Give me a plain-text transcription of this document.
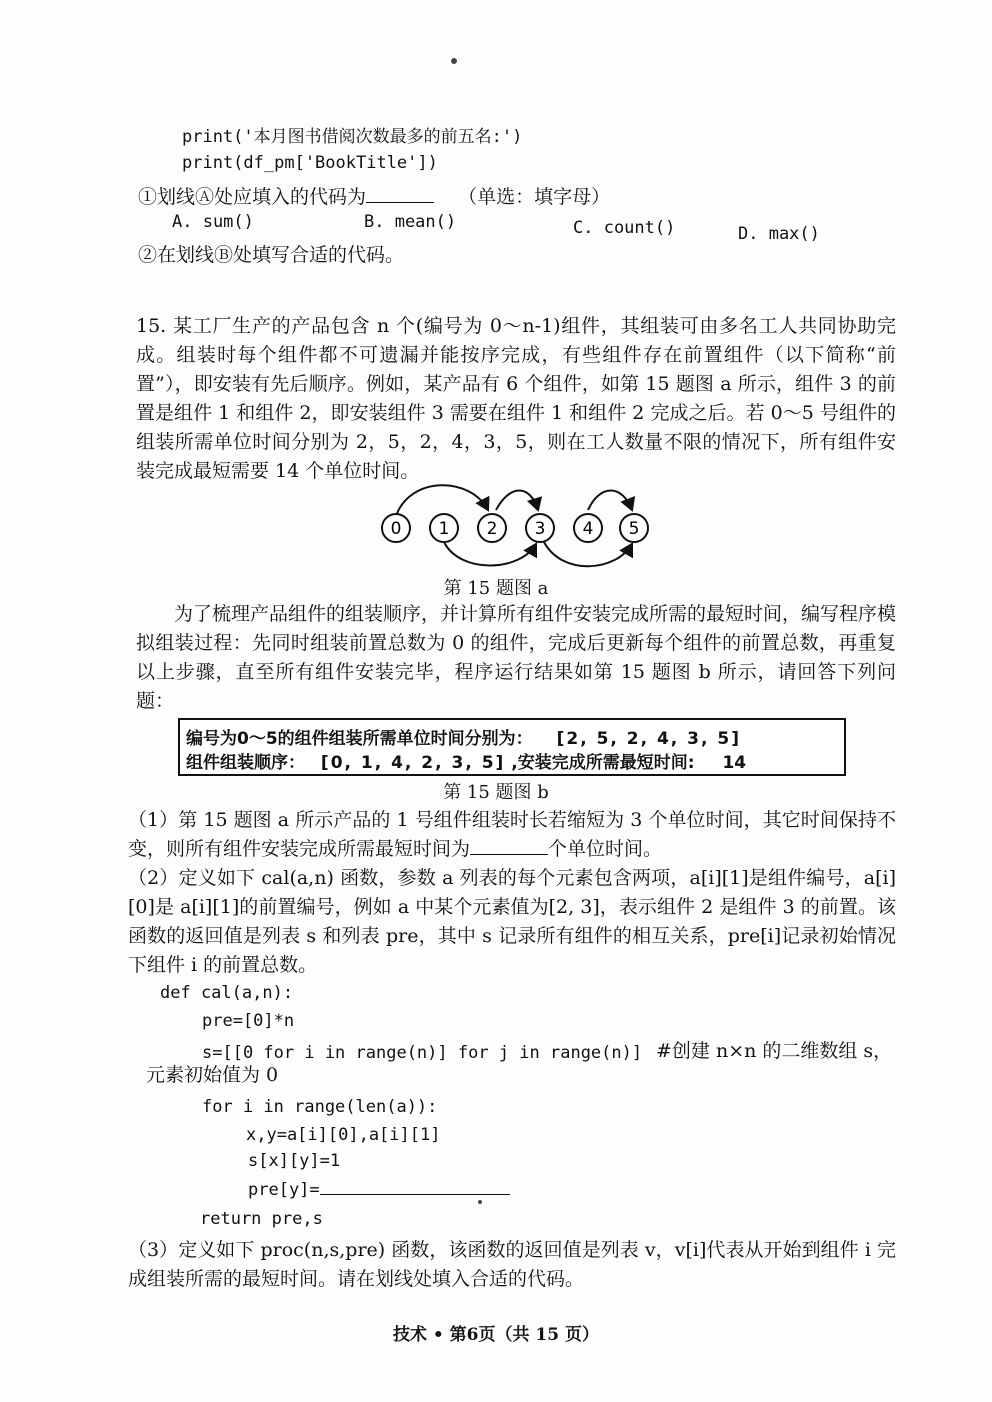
print('本月图书借阅次数最多的前五名:')
print(df_pm['BookTitle'])
①划线Ⓐ处应填入的代码为	（单选：填字母）
A. sum()	B. mean()	C. count()	D. max()
②在划线Ⓑ处填写合适的代码。
15. 某工厂生产的产品包含 n 个(编号为 0～n-1)组件，其组装可由多名工人共同协助完成。组装时每个组件都不可遗漏并能按序完成，有些组件存在前置组件（以下简称“前置”），即安装有先后顺序。例如，某产品有 6 个组件，如第 15 题图 a 所示，组件 3 的前置是组件 1 和组件 2，即安装组件 3 需要在组件 1 和组件 2 完成之后。若 0～5 号组件的组装所需单位时间分别为 2，5，2，4，3，5，则在工人数量不限的情况下，所有组件安装完成最短需要 14 个单位时间。
0 1 2 3 4 5
第 15 题图 a
为了梳理产品组件的组装顺序，并计算所有组件安装完成所需的最短时间，编写程序模拟组装过程：先同时组装前置总数为 0 的组件，完成后更新每个组件的前置总数，再重复以上步骤，直至所有组件安装完毕，程序运行结果如第 15 题图 b 所示，请回答下列问题：
编号为0～5的组件组装所需单位时间分别为： [2, 5, 2, 4, 3, 5]
组件组装顺序： [0, 1, 4, 2, 3, 5] ,安装完成所需最短时间: 14
第 15 题图 b
（1）第 15 题图 a 所示产品的 1 号组件组装时长若缩短为 3 个单位时间，其它时间保持不变，则所有组件安装完成所需最短时间为	个单位时间。
（2）定义如下 cal(a,n) 函数，参数 a 列表的每个元素包含两项，a[i][1]是组件编号，a[i][0]是 a[i][1]的前置编号，例如 a 中某个元素值为[2, 3]，表示组件 2 是组件 3 的前置。该函数的返回值是列表 s 和列表 pre，其中 s 记录所有组件的相互关系，pre[i]记录初始情况下组件 i 的前置总数。
def cal(a,n):
pre=[0]*n
s=[[0 for i in range(n)] for j in range(n)] #创建 n×n 的二维数组 s，
元素初始值为 0
for i in range(len(a)):
x,y=a[i][0],a[i][1]
s[x][y]=1
pre[y]=
return pre,s
（3）定义如下 proc(n,s,pre) 函数，该函数的返回值是列表 v，v[i]代表从开始到组件 i 完成组装所需的最短时间。请在划线处填入合适的代码。
技术 • 第6页（共 15 页）
